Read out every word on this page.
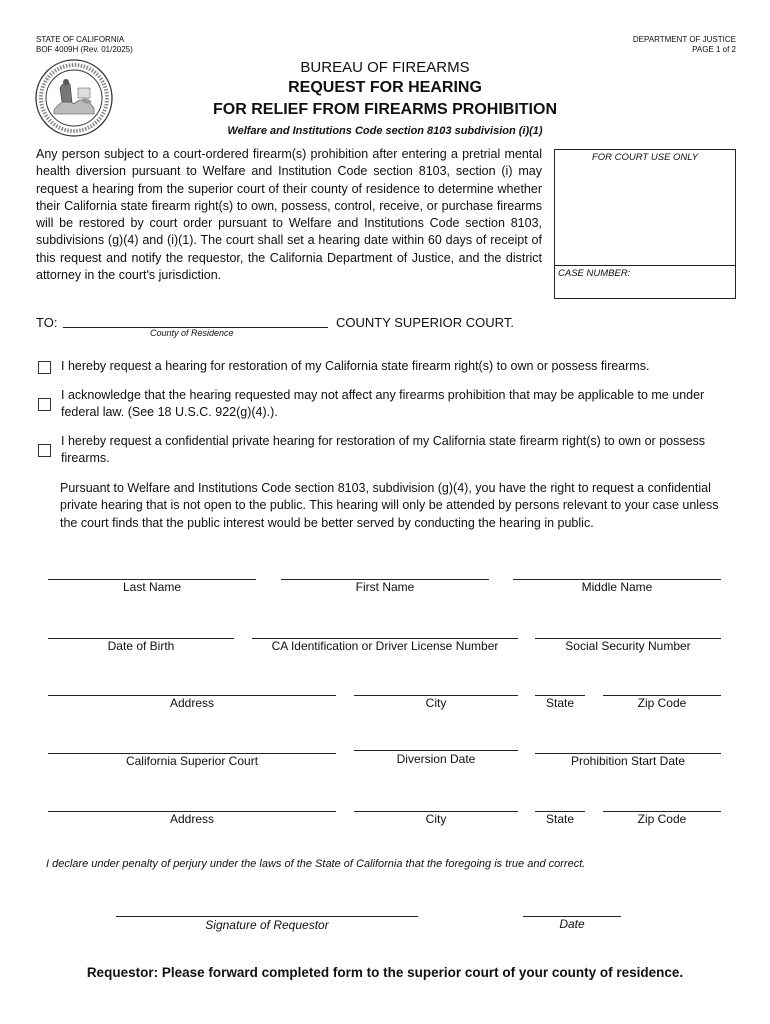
STATE OF CALIFORNIA
BOF 4009H (Rev. 01/2025)
DEPARTMENT OF JUSTICE
PAGE 1 of 2
BUREAU OF FIREARMS
REQUEST FOR HEARING
FOR RELIEF FROM FIREARMS PROHIBITION
Welfare and Institutions Code section 8103 subdivision (i)(1)
Any person subject to a court-ordered firearm(s) prohibition after entering a pretrial mental health diversion pursuant to Welfare and Institution Code section 8103, section (i) may request a hearing from the superior court of their county of residence to determine whether their California state firearm right(s) to own, possess, control, receive, or purchase firearms will be restored by court order pursuant to Welfare and Institutions Code section 8103, subdivisions (g)(4) and (i)(1). The court shall set a hearing date within 60 days of receipt of this request and notify the requestor, the California Department of Justice, and the district attorney in the court's jurisdiction.
FOR COURT USE ONLY
CASE NUMBER:
TO:
County of Residence
COUNTY SUPERIOR COURT.
I hereby request a hearing for restoration of my California state firearm right(s) to own or possess firearms.
I acknowledge that the hearing requested may not affect any firearms prohibition that may be applicable to me under federal law. (See 18 U.S.C. 922(g)(4).).
I hereby request a confidential private hearing for restoration of my California state firearm right(s) to own or possess firearms.
Pursuant to Welfare and Institutions Code section 8103, subdivision (g)(4), you have the right to request a confidential private hearing that is not open to the public. This hearing will only be attended by persons relevant to your case unless the court finds that the public interest would be better served by conducting the hearing in public.
Last Name	First Name	Middle Name
Date of Birth	CA Identification or Driver License Number	Social Security Number
Address	City	State	Zip Code
California Superior Court	Diversion Date	Prohibition Start Date
Address	City	State	Zip Code
I declare under penalty of perjury under the laws of the State of California that the foregoing is true and correct.
Signature of Requestor	Date
Requestor: Please forward completed form to the superior court of your county of residence.
